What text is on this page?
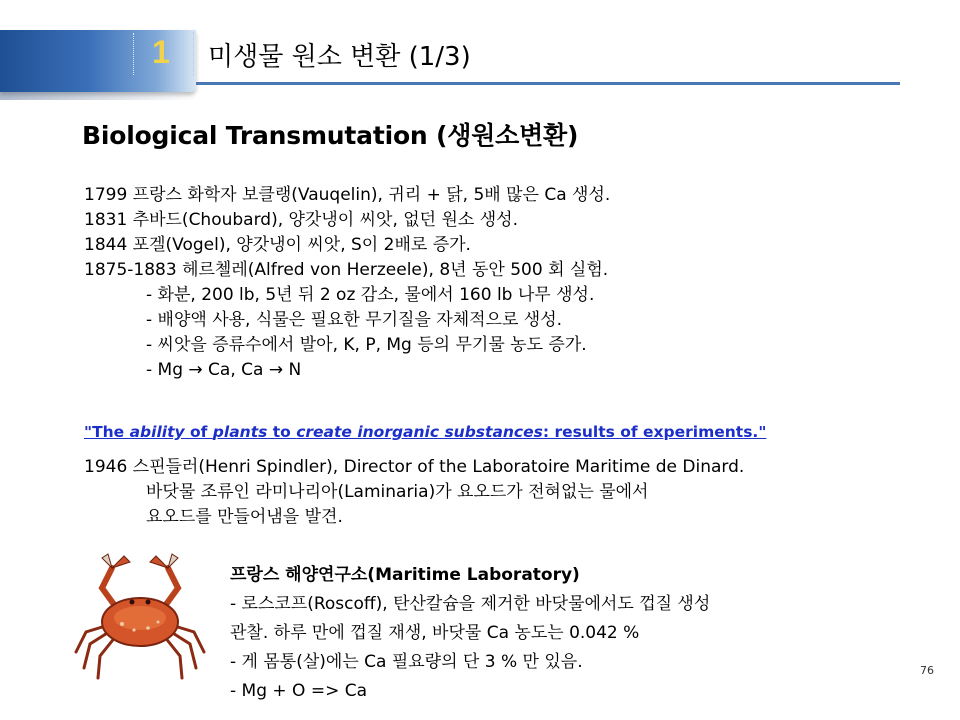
1 미생물 원소 변환 (1/3)
Biological Transmutation (생원소변환)
1799 프랑스 화학자 보클랭(Vauqelin), 귀리 + 닭, 5배 많은 Ca 생성.
1831 추바드(Choubard), 양갓냉이 씨앗, 없던 원소 생성.
1844 포겔(Vogel), 양갓냉이 씨앗, S이 2배로 증가.
1875-1883 헤르첼레(Alfred von Herzeele), 8년 동안 500 회 실험.
- 화분, 200 lb, 5년 뒤 2 oz 감소, 물에서 160 lb 나무 생성.
- 배양액 사용, 식물은 필요한 무기질을 자체적으로 생성.
- 씨앗을 증류수에서 발아, K, P, Mg 등의 무기물 농도 증가.
- Mg → Ca, Ca → N
"The ability of plants to create inorganic substances: results of experiments."
1946 스핀들러(Henri Spindler), Director of the Laboratoire Maritime de Dinard.
바닷물 조류인 라미나리아(Laminaria)가 요오드가 전혀없는 물에서
요오드를 만들어냄을 발견.
프랑스 해양연구소(Maritime Laboratory)
- 로스코프(Roscoff), 탄산칼슘을 제거한 바닷물에서도 껍질 생성
관찰. 하루 만에 껍질 재생, 바닷물 Ca 농도는 0.042 %
- 게 몸통(살)에는 Ca 필요량의 단 3 % 만 있음.
- Mg + O => Ca
76
